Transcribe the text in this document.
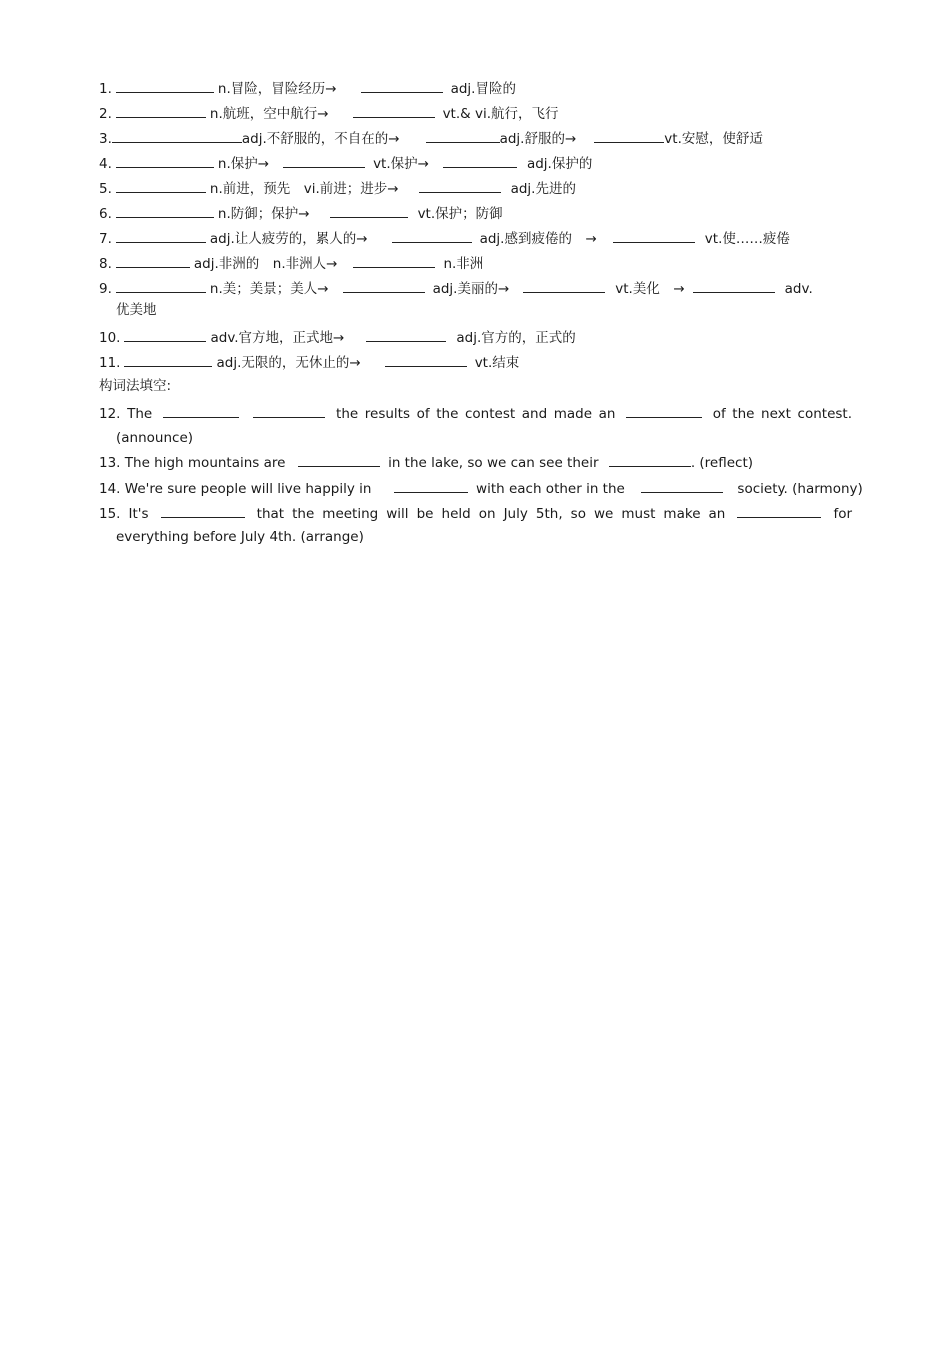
1.	n.冒险，冒险经历→	adj.冒险的
2.	n.航班，空中航行→	vt.& vi.航行，飞行
3.	adj.不舒服的，不自在的→	adj.舒服的→	vt.安慰，使舒适
4.	n.保护→	vt.保护→	adj.保护的
5.	n.前进，预先　vi.前进；进步→	adj.先进的
6.	n.防御；保护→	vt.保护；防御
7.	adj.让人疲劳的，累人的→	adj.感到疲倦的　→	vt.使……疲倦
8.	adj.非洲的　n.非洲人→	n.非洲
9.	n.美；美景；美人→	adj.美丽的→	vt.美化　→	adv.
优美地
10.	adv.官方地，正式地→	adj.官方的，正式的
11.	adj.无限的，无休止的→	vt.结束
构词法填空:
12. The	the results of the contest and made an	of the next contest.
(announce)
13. The high mountains are	in the lake, so we can see their	. (reflect)
14. We're sure people will live happily in	with each other in the	society. (harmony)
15. It's	that the meeting will be held on July 5th, so we must make an	for
everything before July 4th. (arrange)
